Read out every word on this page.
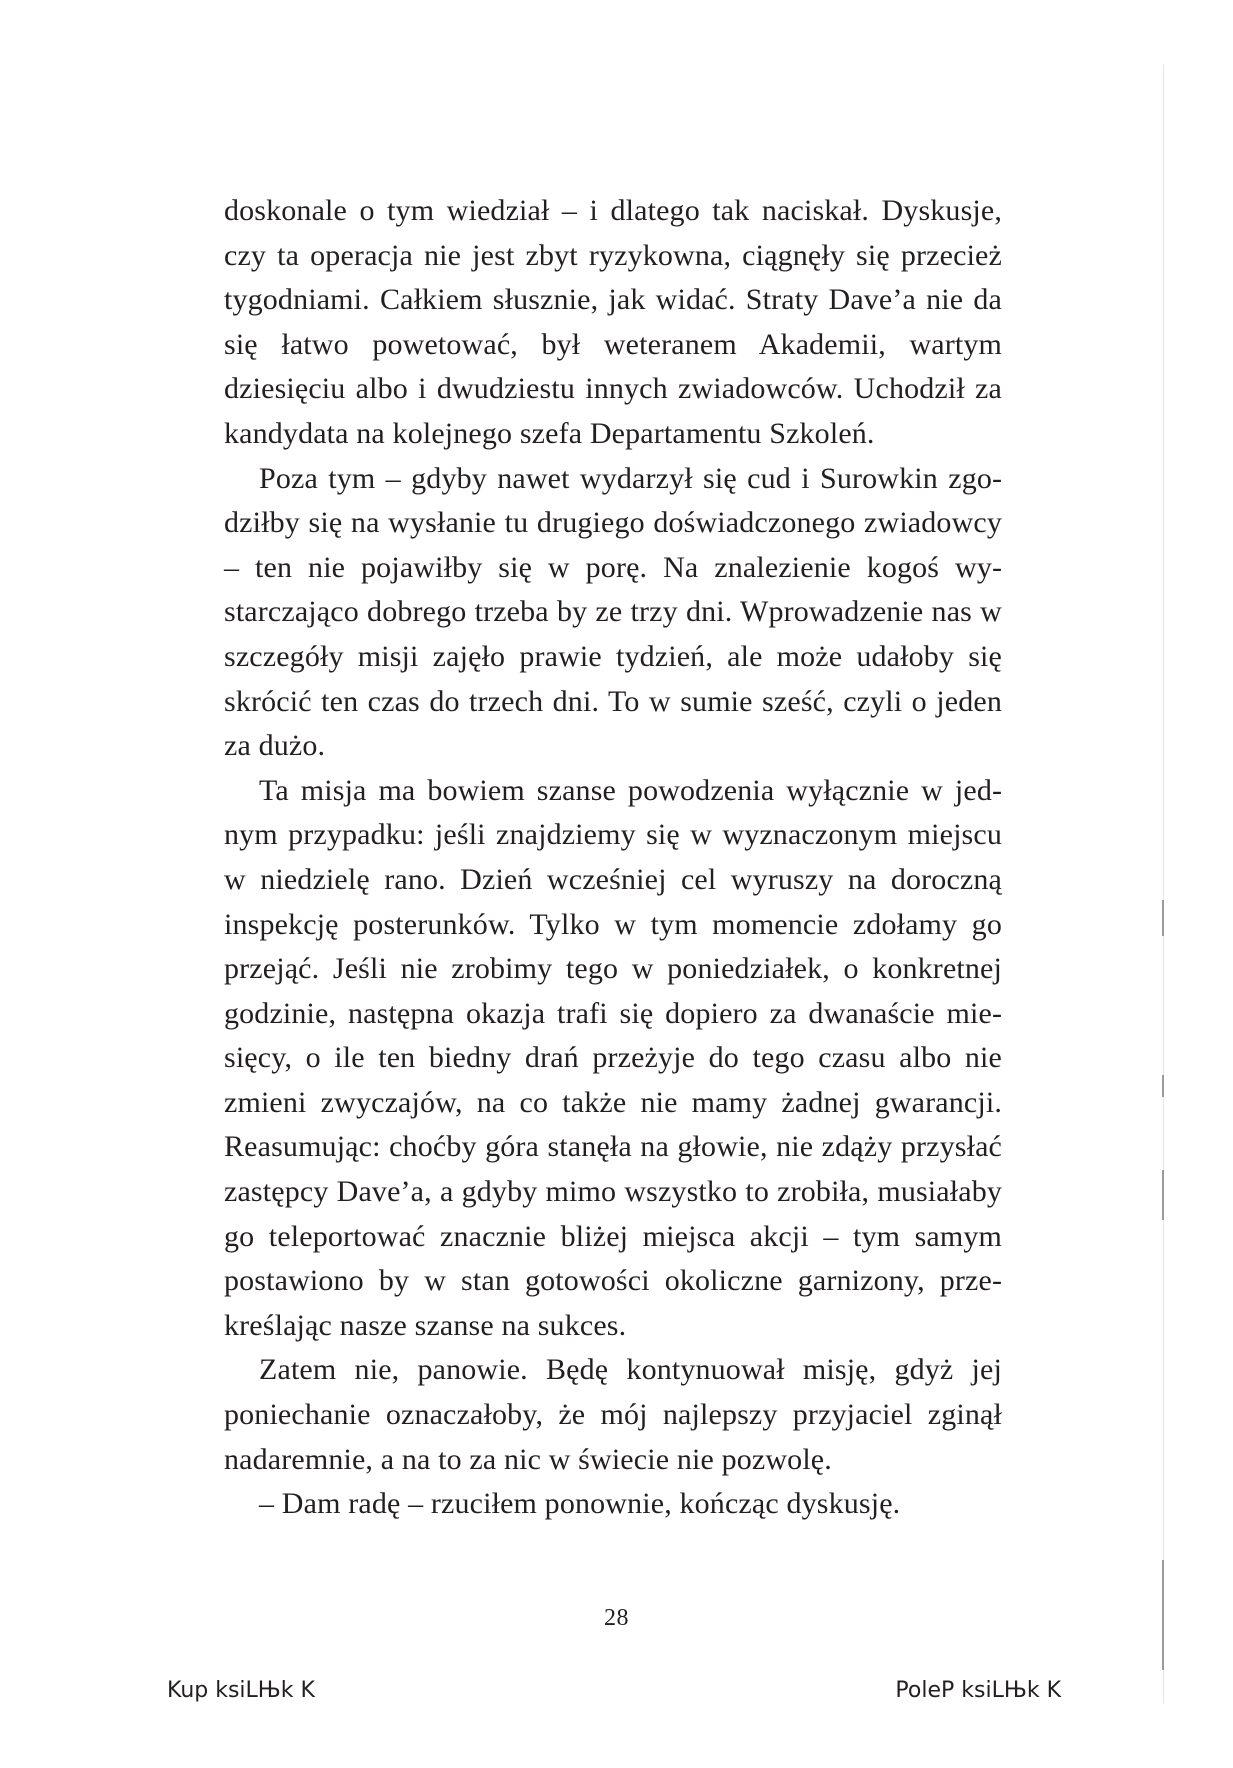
doskonale o tym wiedział – i dlatego tak naciskał. Dyskusje, czy ta operacja nie jest zbyt ryzykowna, ciągnęły się przecież tygodniami. Całkiem słusznie, jak widać. Straty Dave’a nie da się łatwo powetować, był weteranem Akademii, wartym dziesięciu albo i dwudziestu innych zwiadowców. Uchodził za kandydata na kolejnego szefa Departamentu Szkoleń.

Poza tym – gdyby nawet wydarzył się cud i Surowkin zgodziłby się na wysłanie tu drugiego doświadczonego zwiadowcy – ten nie pojawiłby się w porę. Na znalezienie kogoś wystarczająco dobrego trzeba by ze trzy dni. Wprowadzenie nas w szczegóły misji zajęło prawie tydzień, ale może udałoby się skrócić ten czas do trzech dni. To w sumie sześć, czyli o jeden za dużo.

Ta misja ma bowiem szanse powodzenia wyłącznie w jednym przypadku: jeśli znajdziemy się w wyznaczonym miejscu w niedzielę rano. Dzień wcześniej cel wyruszy na doroczną inspekcję posterunków. Tylko w tym momencie zdołamy go przejąć. Jeśli nie zrobimy tego w poniedziałek, o konkretnej godzinie, następna okazja trafi się dopiero za dwanaście miesięcy, o ile ten biedny drań przeżyje do tego czasu albo nie zmieni zwyczajów, na co także nie mamy żadnej gwarancji. Reasumując: choćby góra stanęła na głowie, nie zdąży przysłać zastępcy Dave’a, a gdyby mimo wszystko to zrobiła, musiałaby go teleportować znacznie bliżej miejsca akcji – tym samym postawiono by w stan gotowości okoliczne garnizony, przekreślając nasze szanse na sukces.

Zatem nie, panowie. Będę kontynuował misję, gdyż jej poniechanie oznaczałoby, że mój najlepszy przyjaciel zginął nadaremnie, a na to za nic w świecie nie pozwolę.

– Dam radę – rzuciłem ponownie, kończąc dyskusję.

28
Kup ksiLЊk K	PoleP ksiLЊk K
